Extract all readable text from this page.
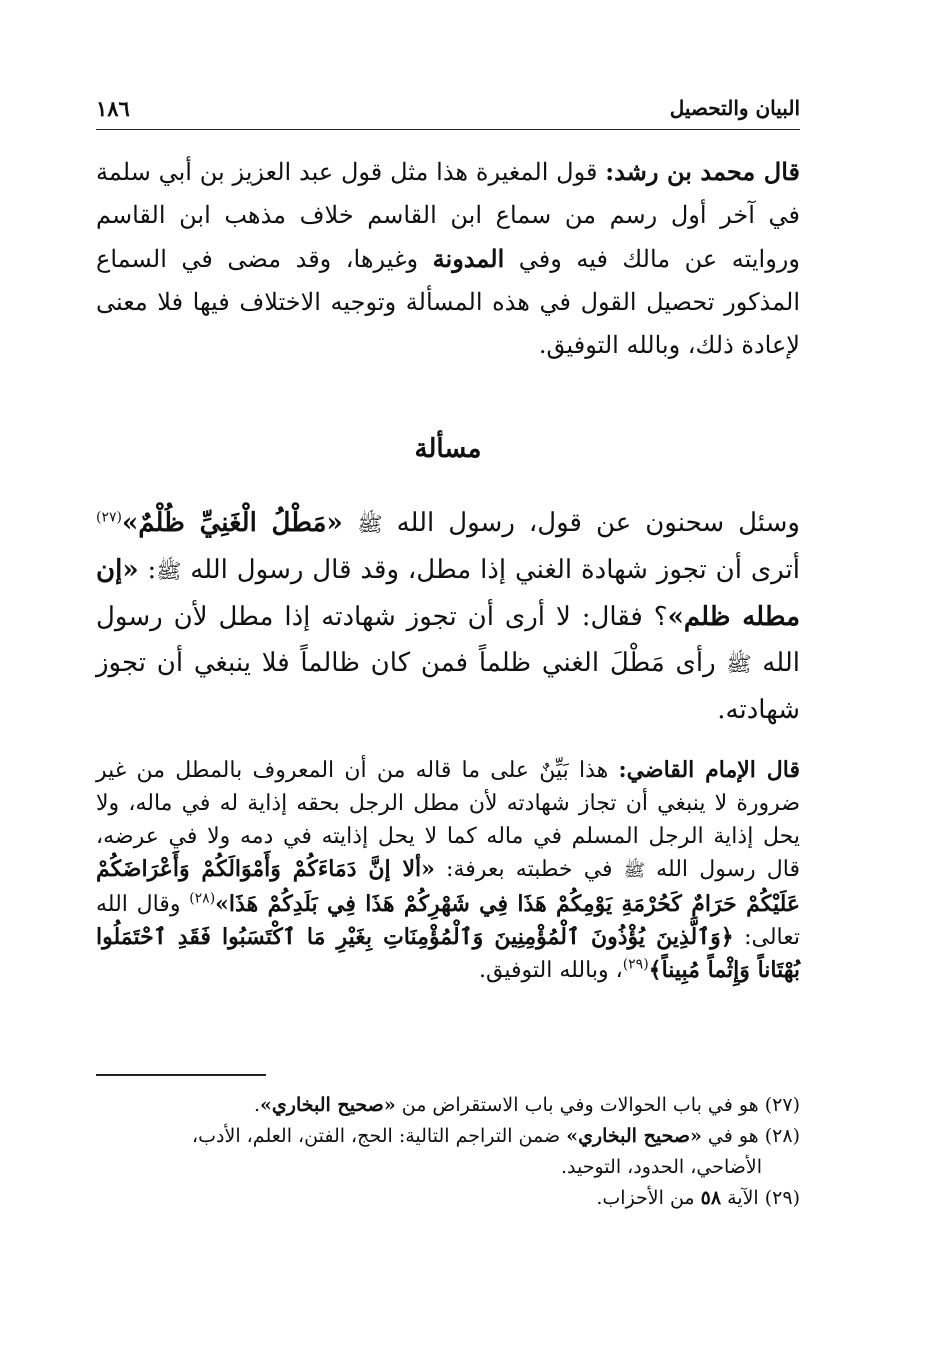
البيان والتحصيل
١٨٦
قال محمد بن رشد: قول المغيرة هذا مثل قول عبد العزيز بن أبي سلمة في آخر أول رسم من سماع ابن القاسم خلاف مذهب ابن القاسم وروايته عن مالك فيه وفي المدونة وغيرها، وقد مضى في السماع المذكور تحصيل القول في هذه المسألة وتوجيه الاختلاف فيها فلا معنى لإعادة ذلك، وبالله التوفيق.
مسألة
وسئل سحنون عن قول، رسول الله ﷺ «مَطْلُ الْغَنِيِّ ظُلْمٌ»$^{(٢٧)}$ أترى أن تجوز شهادة الغني إذا مطل، وقد قال رسول الله ﷺ: «إن مطله ظلم»؟ فقال: لا أرى أن تجوز شهادته إذا مطل لأن رسول الله ﷺ رأى مَطْلَ الغني ظلماً فمن كان ظالماً فلا ينبغي أن تجوز شهادته.
قال الإمام القاضي: هذا بَيِّنٌ على ما قاله من أن المعروف بالمطل من غير ضرورة لا ينبغي أن تجاز شهادته لأن مطل الرجل بحقه إذاية له في ماله، ولا يحل إذاية الرجل المسلم في ماله كما لا يحل إذايته في دمه ولا في عرضه، قال رسول الله ﷺ في خطبته بعرفة: «ألا إنَّ دَمَاءَكُمْ وَأَمْوَالَكُمْ وَأَعْرَاضَكُمْ عَلَيْكُمْ حَرَامٌ كَحُرْمَةِ يَوْمِكُمْ هَذَا فِي شَهْرِكُمْ هَذَا فِي بَلَدِكُمْ هَذَا»$^{(٢٨)}$ وقال الله تعالى: ﴿وَٱلَّذِينَ يُؤْذُونَ ٱلْمُؤْمِنِينَ وَٱلْمُؤْمِنَاتِ بِغَيْرِ مَا ٱكْتَسَبُوا فَقَدِ ٱحْتَمَلُوا بُهْتَاناً وَإِثْماً مُبِيناً﴾$^{(٢٩)}$، وبالله التوفيق.
(٢٧) هو في باب الحوالات وفي باب الاستقراض من «صحيح البخاري».
(٢٨) هو في «صحيح البخاري» ضمن التراجم التالية: الحج، الفتن، العلم، الأدب،
الأضاحي، الحدود، التوحيد.
(٢٩) الآية ٥٨ من الأحزاب.
